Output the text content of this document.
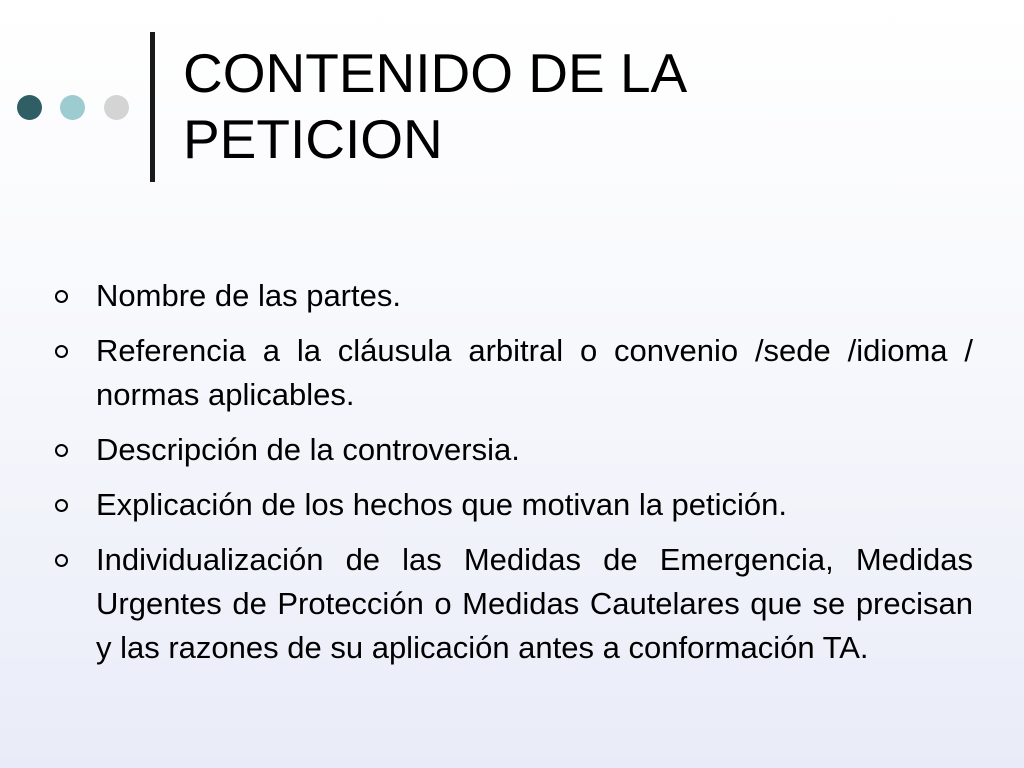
CONTENIDO DE LA
PETICION
Nombre de las partes.
Referencia a la cláusula arbitral o convenio /sede /idioma / normas aplicables.
Descripción de la controversia.
Explicación de los hechos que motivan la petición.
Individualización de las Medidas de Emergencia, Medidas Urgentes de Protección o Medidas Cautelares que se precisan y las razones de su aplicación antes a conformación TA.
